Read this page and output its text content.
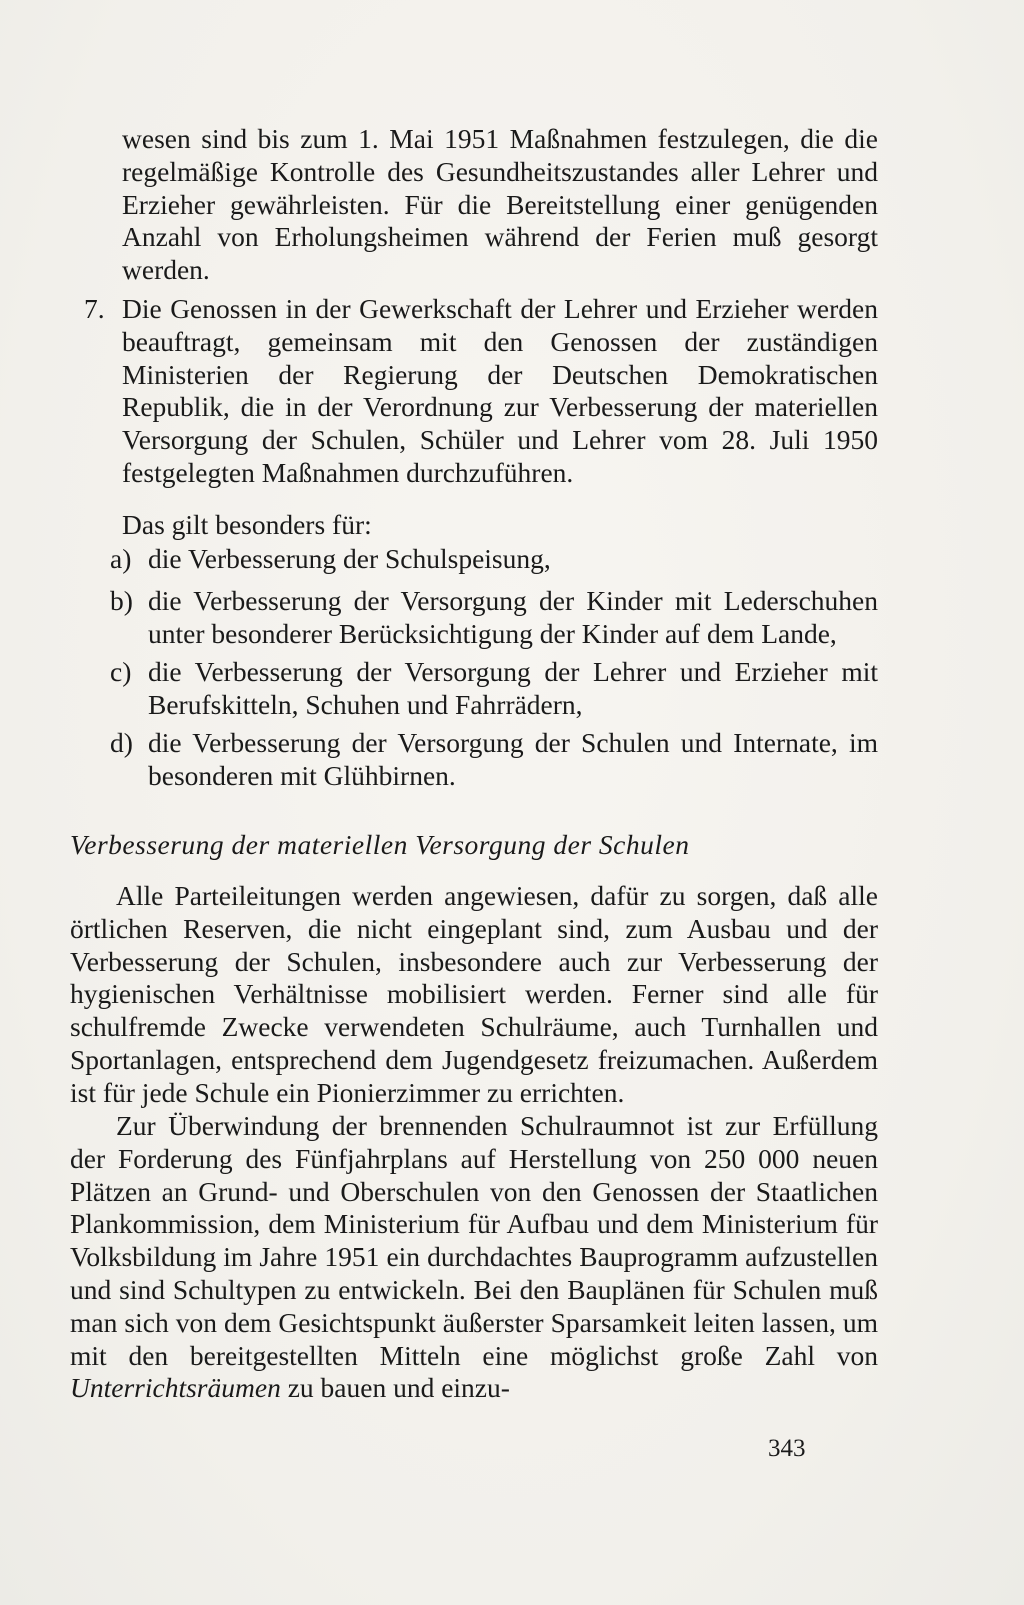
wesen sind bis zum 1. Mai 1951 Maßnahmen festzulegen, die die regelmäßige Kontrolle des Gesundheitszustandes aller Lehrer und Erzieher gewährleisten. Für die Bereitstellung einer genügenden Anzahl von Erholungsheimen während der Ferien muß gesorgt werden.

7. Die Genossen in der Gewerkschaft der Lehrer und Erzieher werden beauftragt, gemeinsam mit den Genossen der zuständigen Ministerien der Regierung der Deutschen Demokratischen Republik, die in der Verordnung zur Verbesserung der materiellen Versorgung der Schulen, Schüler und Lehrer vom 28. Juli 1950 festgelegten Maßnahmen durchzuführen.

Das gilt besonders für:

a) die Verbesserung der Schulspeisung,

b) die Verbesserung der Versorgung der Kinder mit Lederschuhen unter besonderer Berücksichtigung der Kinder auf dem Lande,

c) die Verbesserung der Versorgung der Lehrer und Erzieher mit Berufskitteln, Schuhen und Fahrrädern,

d) die Verbesserung der Versorgung der Schulen und Internate, im besonderen mit Glühbirnen.

Verbesserung der materiellen Versorgung der Schulen

Alle Parteileitungen werden angewiesen, dafür zu sorgen, daß alle örtlichen Reserven, die nicht eingeplant sind, zum Ausbau und der Verbesserung der Schulen, insbesondere auch zur Verbesserung der hygienischen Verhältnisse mobilisiert werden. Ferner sind alle für schulfremde Zwecke verwendeten Schulräume, auch Turnhallen und Sportanlagen, entsprechend dem Jugendgesetz freizumachen. Außerdem ist für jede Schule ein Pionierzimmer zu errichten.

Zur Überwindung der brennenden Schulraumnot ist zur Erfüllung der Forderung des Fünfjahrplans auf Herstellung von 250 000 neuen Plätzen an Grund- und Oberschulen von den Genossen der Staatlichen Plankommission, dem Ministerium für Aufbau und dem Ministerium für Volksbildung im Jahre 1951 ein durchdachtes Bauprogramm aufzustellen und sind Schultypen zu entwickeln. Bei den Bauplänen für Schulen muß man sich von dem Gesichtspunkt äußerster Sparsamkeit leiten lassen, um mit den bereitgestellten Mitteln eine möglichst große Zahl von Unterrichtsräumen zu bauen und einzu-

343
